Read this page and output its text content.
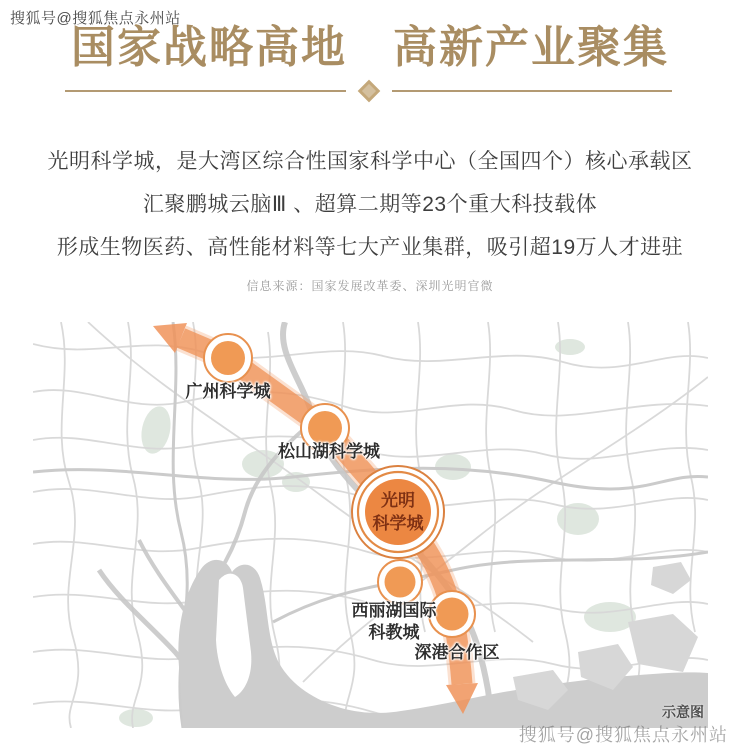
搜狐号@搜狐焦点永州站
国家战略高地　高新产业聚集

光明科学城，是大湾区综合性国家科学中心（全国四个）核心承载区

汇聚鹏城云脑Ⅲ 、超算二期等23个重大科技载体

形成生物医药、高性能材料等七大产业集群，吸引超19万人才进驻

信息来源：国家发展改革委、深圳光明官微
广州科学城
松山湖科学城
光明
科学城
西丽湖国际
科教城
深港合作区
示意图
搜狐号@搜狐焦点永州站
